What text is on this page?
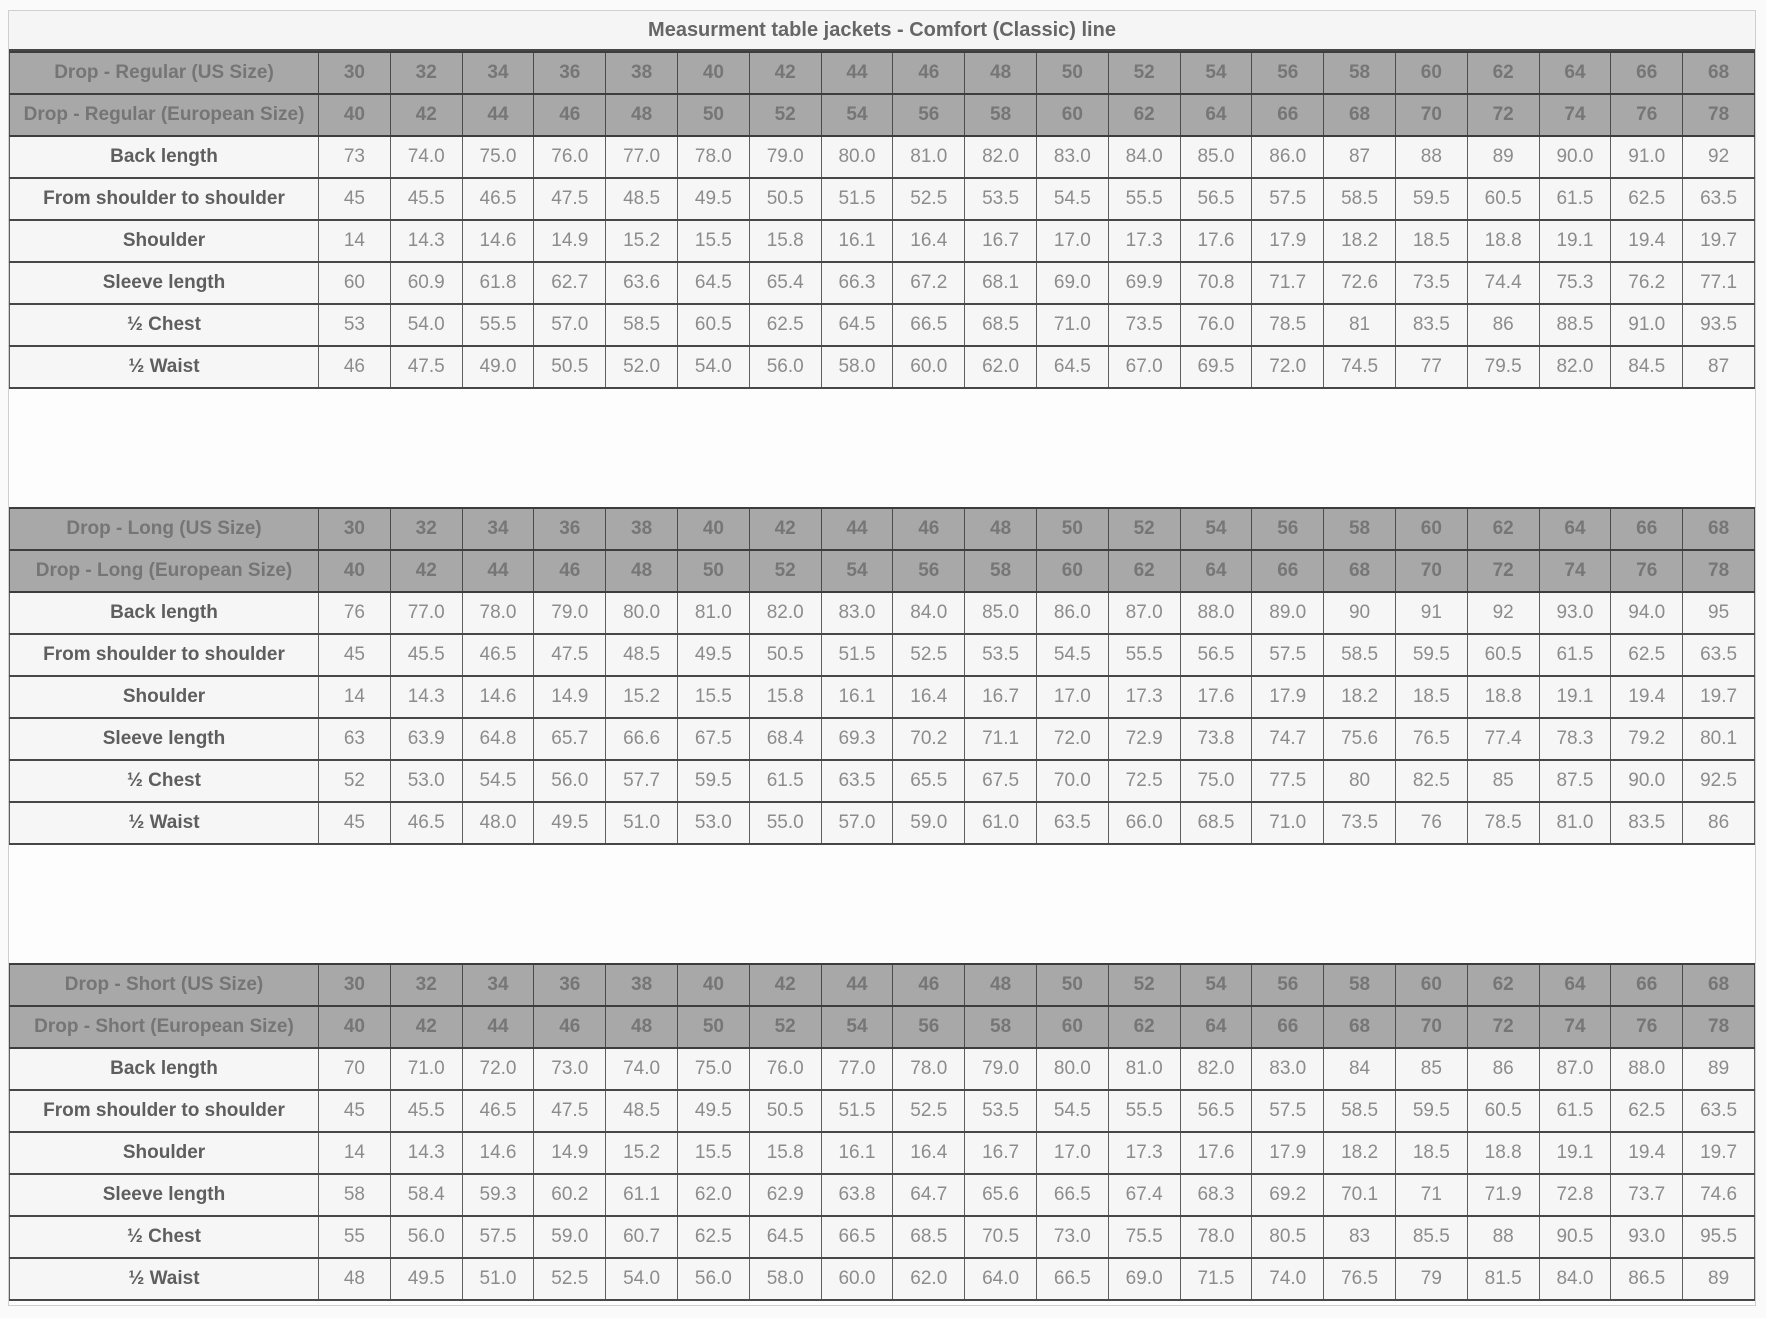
Measurment table jackets - Comfort (Classic) line
Drop - Regular (US Size)	30	32	34	36	38	40	42	44	46	48	50	52	54	56	58	60	62	64	66	68
Drop - Regular (European Size)	40	42	44	46	48	50	52	54	56	58	60	62	64	66	68	70	72	74	76	78
Back length	73	74.0	75.0	76.0	77.0	78.0	79.0	80.0	81.0	82.0	83.0	84.0	85.0	86.0	87	88	89	90.0	91.0	92
From shoulder to shoulder	45	45.5	46.5	47.5	48.5	49.5	50.5	51.5	52.5	53.5	54.5	55.5	56.5	57.5	58.5	59.5	60.5	61.5	62.5	63.5
Shoulder	14	14.3	14.6	14.9	15.2	15.5	15.8	16.1	16.4	16.7	17.0	17.3	17.6	17.9	18.2	18.5	18.8	19.1	19.4	19.7
Sleeve length	60	60.9	61.8	62.7	63.6	64.5	65.4	66.3	67.2	68.1	69.0	69.9	70.8	71.7	72.6	73.5	74.4	75.3	76.2	77.1
½ Chest	53	54.0	55.5	57.0	58.5	60.5	62.5	64.5	66.5	68.5	71.0	73.5	76.0	78.5	81	83.5	86	88.5	91.0	93.5
½ Waist	46	47.5	49.0	50.5	52.0	54.0	56.0	58.0	60.0	62.0	64.5	67.0	69.5	72.0	74.5	77	79.5	82.0	84.5	87
Drop - Long (US Size)	30	32	34	36	38	40	42	44	46	48	50	52	54	56	58	60	62	64	66	68
Drop - Long (European Size)	40	42	44	46	48	50	52	54	56	58	60	62	64	66	68	70	72	74	76	78
Back length	76	77.0	78.0	79.0	80.0	81.0	82.0	83.0	84.0	85.0	86.0	87.0	88.0	89.0	90	91	92	93.0	94.0	95
From shoulder to shoulder	45	45.5	46.5	47.5	48.5	49.5	50.5	51.5	52.5	53.5	54.5	55.5	56.5	57.5	58.5	59.5	60.5	61.5	62.5	63.5
Shoulder	14	14.3	14.6	14.9	15.2	15.5	15.8	16.1	16.4	16.7	17.0	17.3	17.6	17.9	18.2	18.5	18.8	19.1	19.4	19.7
Sleeve length	63	63.9	64.8	65.7	66.6	67.5	68.4	69.3	70.2	71.1	72.0	72.9	73.8	74.7	75.6	76.5	77.4	78.3	79.2	80.1
½ Chest	52	53.0	54.5	56.0	57.7	59.5	61.5	63.5	65.5	67.5	70.0	72.5	75.0	77.5	80	82.5	85	87.5	90.0	92.5
½ Waist	45	46.5	48.0	49.5	51.0	53.0	55.0	57.0	59.0	61.0	63.5	66.0	68.5	71.0	73.5	76	78.5	81.0	83.5	86
Drop - Short (US Size)	30	32	34	36	38	40	42	44	46	48	50	52	54	56	58	60	62	64	66	68
Drop - Short (European Size)	40	42	44	46	48	50	52	54	56	58	60	62	64	66	68	70	72	74	76	78
Back length	70	71.0	72.0	73.0	74.0	75.0	76.0	77.0	78.0	79.0	80.0	81.0	82.0	83.0	84	85	86	87.0	88.0	89
From shoulder to shoulder	45	45.5	46.5	47.5	48.5	49.5	50.5	51.5	52.5	53.5	54.5	55.5	56.5	57.5	58.5	59.5	60.5	61.5	62.5	63.5
Shoulder	14	14.3	14.6	14.9	15.2	15.5	15.8	16.1	16.4	16.7	17.0	17.3	17.6	17.9	18.2	18.5	18.8	19.1	19.4	19.7
Sleeve length	58	58.4	59.3	60.2	61.1	62.0	62.9	63.8	64.7	65.6	66.5	67.4	68.3	69.2	70.1	71	71.9	72.8	73.7	74.6
½ Chest	55	56.0	57.5	59.0	60.7	62.5	64.5	66.5	68.5	70.5	73.0	75.5	78.0	80.5	83	85.5	88	90.5	93.0	95.5
½ Waist	48	49.5	51.0	52.5	54.0	56.0	58.0	60.0	62.0	64.0	66.5	69.0	71.5	74.0	76.5	79	81.5	84.0	86.5	89
